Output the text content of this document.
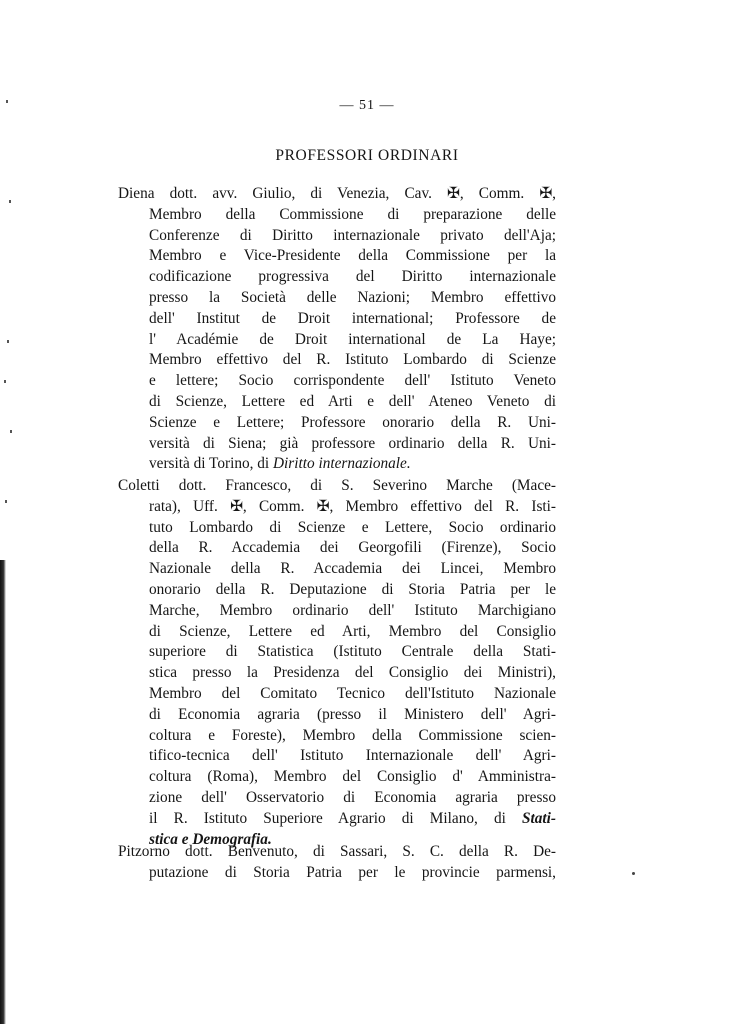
— 51 —
PROFESSORI ORDINARI
Diena dott. avv. Giulio, di Venezia, Cav. ✠, Comm. ✠,
Membro della Commissione di preparazione delle
Conferenze di Diritto internazionale privato dell'Aja;
Membro e Vice-Presidente della Commissione per la
codificazione progressiva del Diritto internazionale
presso la Società delle Nazioni; Membro effettivo
dell' Institut de Droit international; Professore de
l' Académie de Droit international de La Haye;
Membro effettivo del R. Istituto Lombardo di Scienze
e lettere; Socio corrispondente dell' Istituto Veneto
di Scienze, Lettere ed Arti e dell' Ateneo Veneto di
Scienze e Lettere; Professore onorario della R. Uni-
versità di Siena; già professore ordinario della R. Uni-
versità di Torino, di Diritto internazionale.
Coletti dott. Francesco, di S. Severino Marche (Mace-
rata), Uff. ✠, Comm. ✠, Membro effettivo del R. Isti-
tuto Lombardo di Scienze e Lettere, Socio ordinario
della R. Accademia dei Georgofili (Firenze), Socio
Nazionale della R. Accademia dei Lincei, Membro
onorario della R. Deputazione di Storia Patria per le
Marche, Membro ordinario dell' Istituto Marchigiano
di Scienze, Lettere ed Arti, Membro del Consiglio
superiore di Statistica (Istituto Centrale della Stati-
stica presso la Presidenza del Consiglio dei Ministri),
Membro del Comitato Tecnico dell'Istituto Nazionale
di Economia agraria (presso il Ministero dell' Agri-
coltura e Foreste), Membro della Commissione scien-
tifico-tecnica dell' Istituto Internazionale dell' Agri-
coltura (Roma), Membro del Consiglio d' Amministra-
zione dell' Osservatorio di Economia agraria presso
il R. Istituto Superiore Agrario di Milano, di Stati-
stica e Demografia.
Pitzorno dott. Benvenuto, di Sassari, S. C. della R. De-
putazione di Storia Patria per le provincie parmensi,
